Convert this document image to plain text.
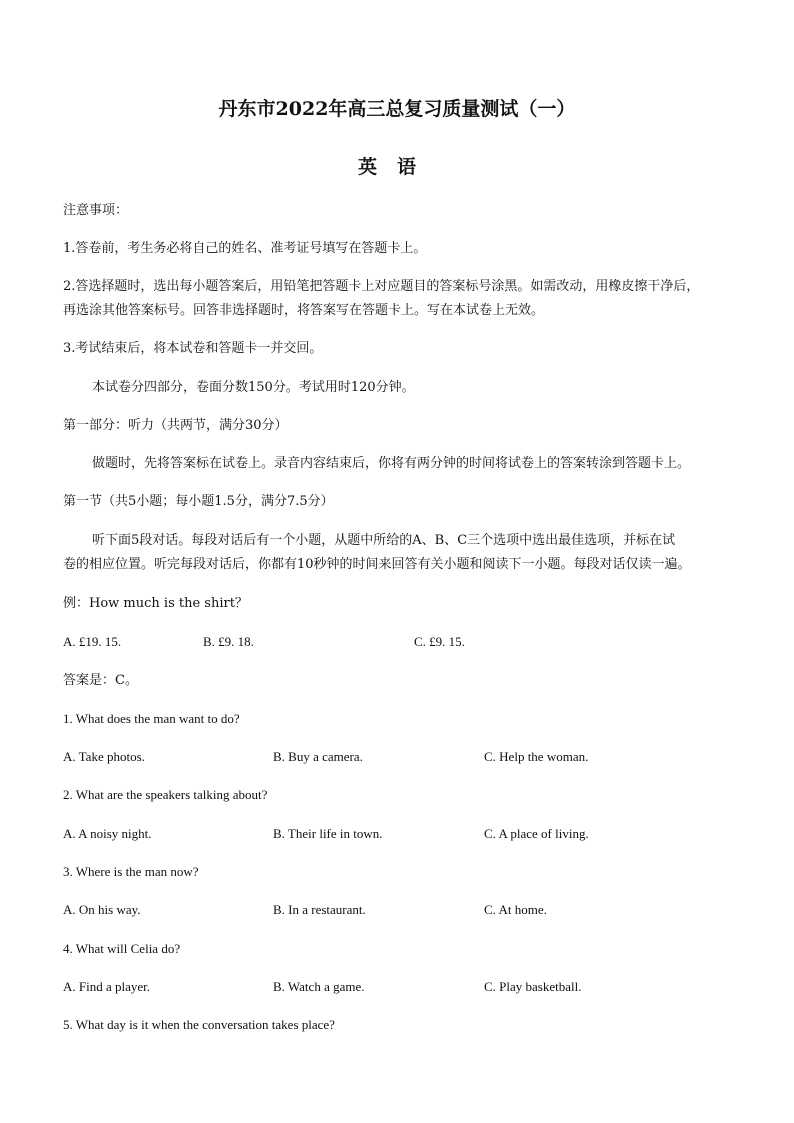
丹东市2022年高三总复习质量测试（一）
英语
注意事项：
1.答卷前，考生务必将自己的姓名、准考证号填写在答题卡上。
2.答选择题时，选出每小题答案后，用铅笔把答题卡上对应题目的答案标号涂黑。如需改动，用橡皮擦干净后，
再选涂其他答案标号。回答非选择题时，将答案写在答题卡上。写在本试卷上无效。
3.考试结束后，将本试卷和答题卡一并交回。
本试卷分四部分，卷面分数150分。考试用时120分钟。
第一部分：听力（共两节，满分30分）
做题时，先将答案标在试卷上。录音内容结束后，你将有两分钟的时间将试卷上的答案转涂到答题卡上。
第一节（共5小题；每小题1.5分，满分7.5分）
听下面5段对话。每段对话后有一个小题，从题中所给的A、B、C三个选项中选出最佳选项，并标在试
卷的相应位置。听完每段对话后，你都有10秒钟的时间来回答有关小题和阅读下一小题。每段对话仅读一遍。
例：How much is the shirt？
A. £19. 15.	B. £9. 18.	C. £9. 15.
答案是：C。
1. What does the man want to do?
A. Take photos.	B. Buy a camera.	C. Help the woman.
2. What are the speakers talking about?
A. A noisy night.	B. Their life in town.	C. A place of living.
3. Where is the man now?
A. On his way.	B. In a restaurant.	C. At home.
4. What will Celia do?
A. Find a player.	B. Watch a game.	C. Play basketball.
5. What day is it when the conversation takes place?
